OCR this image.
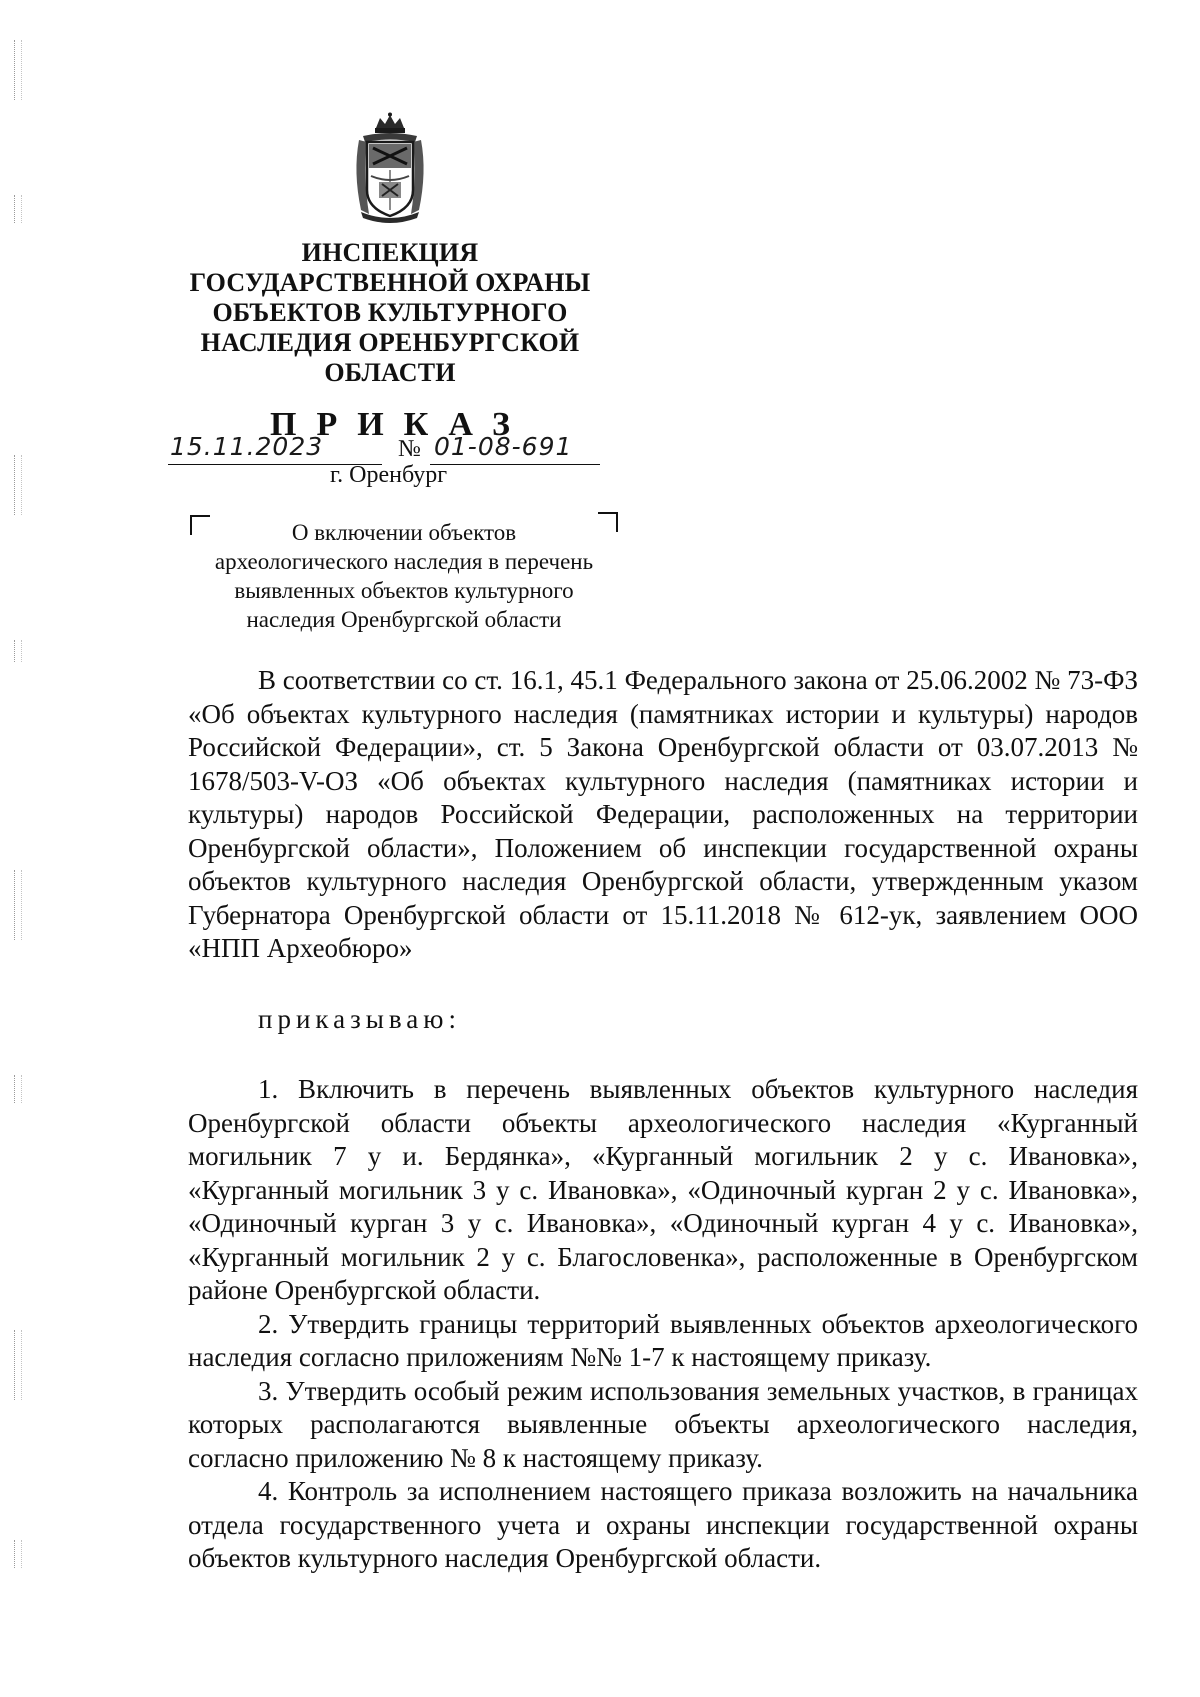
ИНСПЕКЦИЯ
ГОСУДАРСТВЕННОЙ ОХРАНЫ
ОБЪЕКТОВ КУЛЬТУРНОГО
НАСЛЕДИЯ ОРЕНБУРГСКОЙ
ОБЛАСТИ
ПРИКАЗ
15.11.2023	№ 01-08-691
г. Оренбург
О включении объектов
археологического наследия в перечень
выявленных объектов культурного
наследия Оренбургской области

В соответствии со ст. 16.1, 45.1 Федерального закона от 25.06.2002 № 73-ФЗ «Об объектах культурного наследия (памятниках истории и культуры) народов Российской Федерации», ст. 5 Закона Оренбургской области от 03.07.2013 № 1678/503-V-ОЗ «Об объектах культурного наследия (памятниках истории и культуры) народов Российской Федерации, расположенных на территории Оренбургской области», Положением об инспекции государственной охраны объектов культурного наследия Оренбургской области, утвержденным указом Губернатора Оренбургской области от 15.11.2018 № 612-ук, заявлением ООО «НПП Археобюро»

приказываю:

1. Включить в перечень выявленных объектов культурного наследия Оренбургской области объекты археологического наследия «Курганный могильник 7 у и. Бердянка», «Курганный могильник 2 у с. Ивановка», «Курганный могильник 3 у с. Ивановка», «Одиночный курган 2 у с. Ивановка», «Одиночный курган 3 у с. Ивановка», «Одиночный курган 4 у с. Ивановка», «Курганный могильник 2 у с. Благословенка», расположенные в Оренбургском районе Оренбургской области.

2. Утвердить границы территорий выявленных объектов археологического наследия согласно приложениям №№ 1-7 к настоящему приказу.

3. Утвердить особый режим использования земельных участков, в границах которых располагаются выявленные объекты археологического наследия, согласно приложению № 8 к настоящему приказу.

4. Контроль за исполнением настоящего приказа возложить на начальника отдела государственного учета и охраны инспекции государственной охраны объектов культурного наследия Оренбургской области.
